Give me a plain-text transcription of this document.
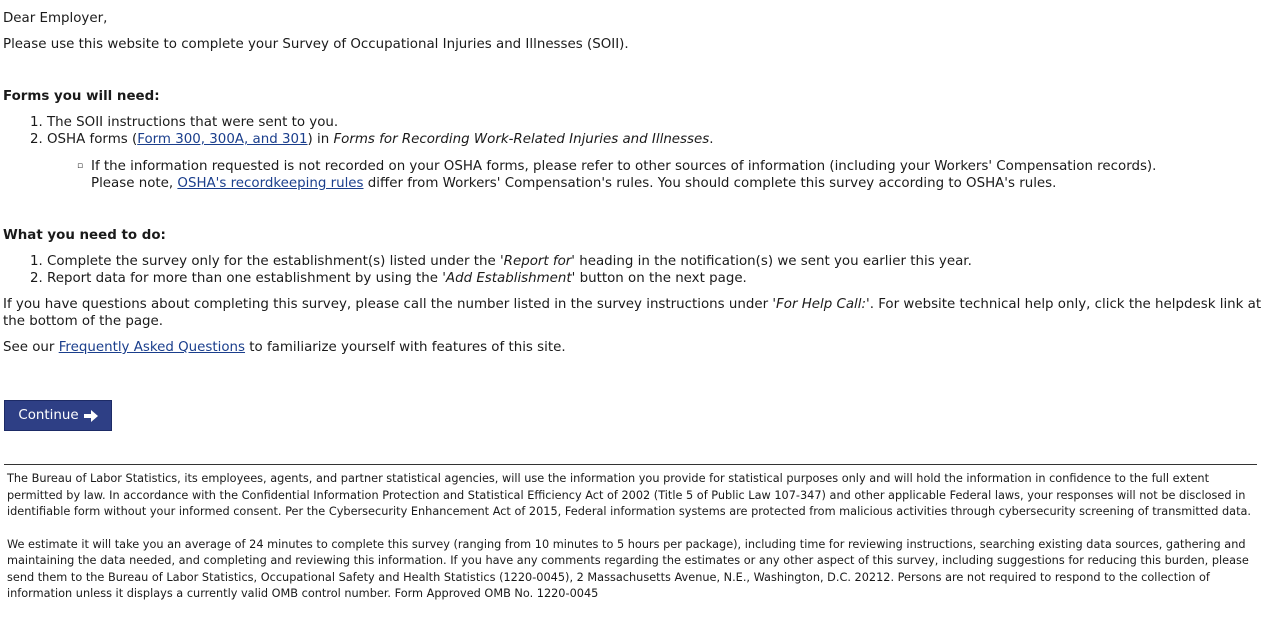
Dear Employer,

Please use this website to complete your Survey of Occupational Injuries and Illnesses (SOII).

Forms you will need:

1. The SOII instructions that were sent to you.
2. OSHA forms (Form 300, 300A, and 301) in Forms for Recording Work-Related Injuries and Illnesses.
▫ If the information requested is not recorded on your OSHA forms, please refer to other sources of information (including your Workers' Compensation records).
Please note, OSHA's recordkeeping rules differ from Workers' Compensation's rules. You should complete this survey according to OSHA's rules.

What you need to do:

1. Complete the survey only for the establishment(s) listed under the 'Report for' heading in the notification(s) we sent you earlier this year.
2. Report data for more than one establishment by using the 'Add Establishment' button on the next page.

If you have questions about completing this survey, please call the number listed in the survey instructions under 'For Help Call:'. For website technical help only, click the helpdesk link at the bottom of the page.

See our Frequently Asked Questions to familiarize yourself with features of this site.

Continue

The Bureau of Labor Statistics, its employees, agents, and partner statistical agencies, will use the information you provide for statistical purposes only and will hold the information in confidence to the full extent permitted by law. In accordance with the Confidential Information Protection and Statistical Efficiency Act of 2002 (Title 5 of Public Law 107-347) and other applicable Federal laws, your responses will not be disclosed in identifiable form without your informed consent. Per the Cybersecurity Enhancement Act of 2015, Federal information systems are protected from malicious activities through cybersecurity screening of transmitted data.

We estimate it will take you an average of 24 minutes to complete this survey (ranging from 10 minutes to 5 hours per package), including time for reviewing instructions, searching existing data sources, gathering and maintaining the data needed, and completing and reviewing this information. If you have any comments regarding the estimates or any other aspect of this survey, including suggestions for reducing this burden, please send them to the Bureau of Labor Statistics, Occupational Safety and Health Statistics (1220-0045), 2 Massachusetts Avenue, N.E., Washington, D.C. 20212. Persons are not required to respond to the collection of information unless it displays a currently valid OMB control number. Form Approved OMB No. 1220-0045
